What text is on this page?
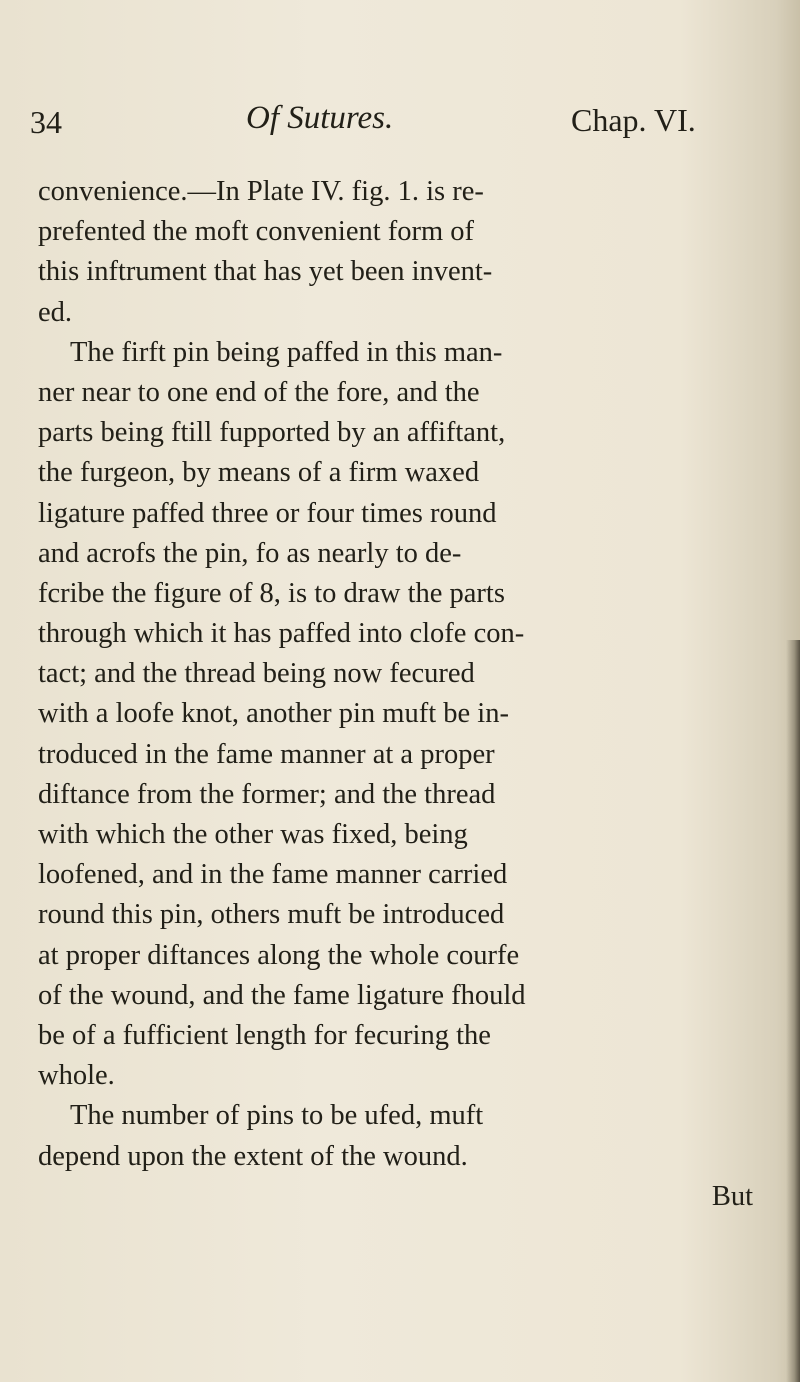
34	Of Sutures.	Chap. VI.
convenience.—In Plate IV. fig. 1. is re-
prefented the moft convenient form of
this inftrument that has yet been invent-
ed.
The firft pin being paffed in this man-
ner near to one end of the fore, and the
parts being ftill fupported by an affiftant,
the furgeon, by means of a firm waxed
ligature paffed three or four times round
and acrofs the pin, fo as nearly to de-
fcribe the figure of 8, is to draw the parts
through which it has paffed into clofe con-
tact; and the thread being now fecured
with a loofe knot, another pin muft be in-
troduced in the fame manner at a proper
diftance from the former; and the thread
with which the other was fixed, being
loofened, and in the fame manner carried
round this pin, others muft be introduced
at proper diftances along the whole courfe
of the wound, and the fame ligature fhould
be of a fufficient length for fecuring the
whole.
The number of pins to be ufed, muft
depend upon the extent of the wound.
But
